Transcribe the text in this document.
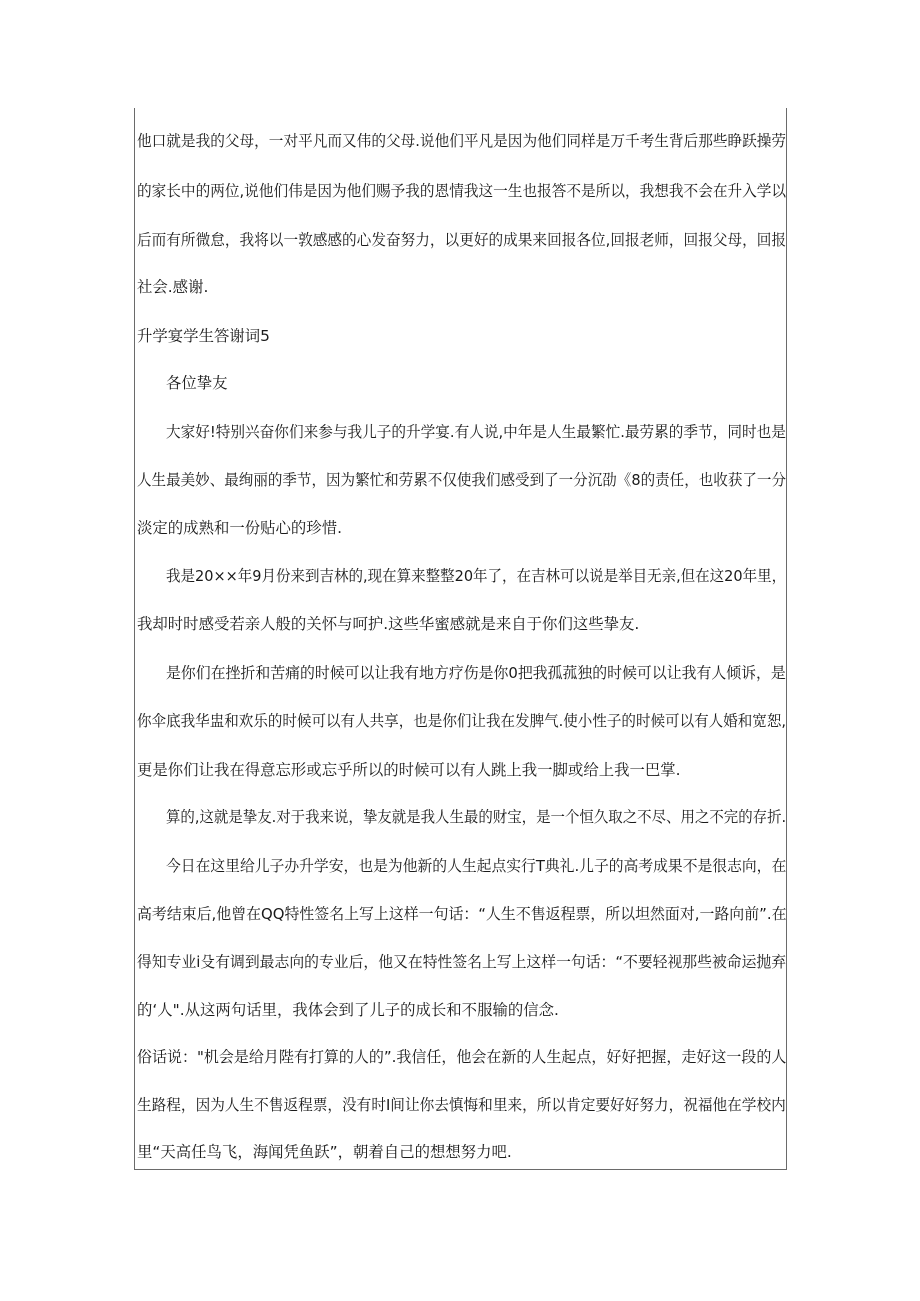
他口就是我的父母，一对平凡而又伟的父母.说他们平凡是因为他们同样是万千考生背后那些睁跃操劳
的家长中的两位,说他们伟是因为他们赐予我的恩情我这一生也报答不是所以，我想我不会在升入学以
后而有所微怠，我将以一敦感感的心发奋努力，以更好的成果来回报各位,回报老师，回报父母，回报
社会.感谢.
升学宴学生答谢词5
各位挚友
大家好!特别兴奋你们来参与我儿子的升学宴.有人说,中年是人生最繁忙.最劳累的季节，同时也是
人生最美妙、最绚丽的季节，因为繁忙和劳累不仅使我们感受到了一分沉劭《8的责任，也收获了一分
淡定的成熟和一份贴心的珍惜.
我是20××年9月份来到吉林的,现在算来整整20年了，在吉林可以说是举目无亲,但在这20年里，
我却时时感受若亲人般的关怀与呵护.这些华蜜感就是来自于你们这些挚友.
是你们在挫折和苦痛的时候可以让我有地方疗伤是你0把我孤菰独的时候可以让我有人倾诉，是
你伞底我华盅和欢乐的时候可以有人共享，也是你们让我在发脾气.使小性子的时候可以有人婚和宽恕,
更是你们让我在得意忘形或忘乎所以的时候可以有人跳上我一脚或给上我一巴掌.
算的,这就是挚友.对于我来说，挚友就是我人生最的财宝，是一个恒久取之不尽、用之不完的存折.
今日在这里给儿子办升学安，也是为他新的人生起点实行T典礼.儿子的高考成果不是很志向，在
高考结束后,他曾在QQ特性签名上写上这样一句话：“人生不售返程票，所以坦然面对,一路向前”.在
得知专业i殳有调到最志向的专业后，他又在特性签名上写上这样一句话：“不要轻视那些被命运抛弃
的‘人".从这两句话里，我体会到了儿子的成长和不服输的信念.
俗话说："机会是给月陛有打算的人的”.我信任，他会在新的人生起点，好好把握，走好这一段的人
生路程，因为人生不售返程票，没有时I间让你去慎悔和里来，所以肯定要好好努力，祝福他在学校内
里“天高任鸟飞，海闻凭鱼跃”，朝着自己的想想努力吧.
